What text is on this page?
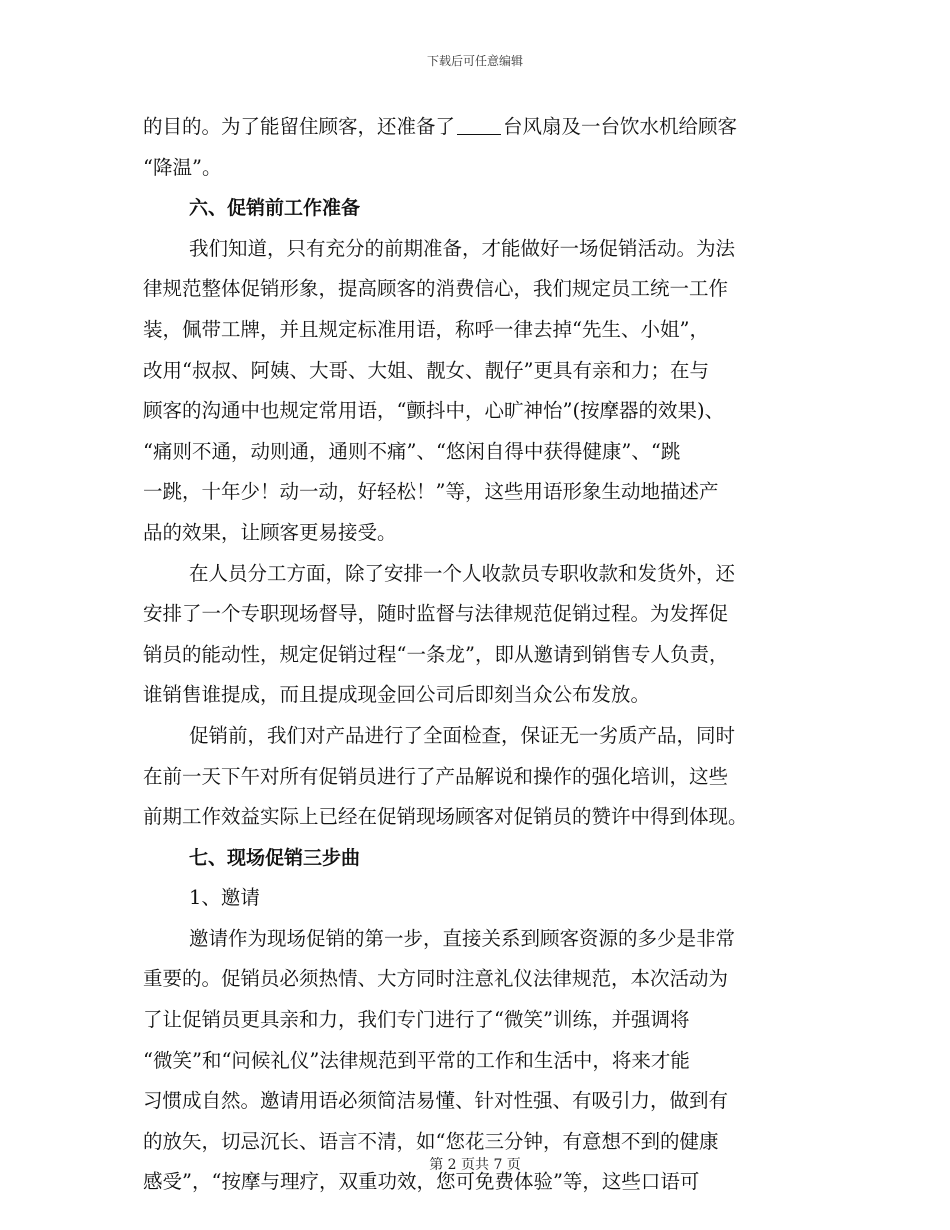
下载后可任意编辑
的目的。为了能留住顾客，还准备了 台风扇及一台饮水机给顾客
“降温”。
六、促销前工作准备
我们知道，只有充分的前期准备，才能做好一场促销活动。为法
律规范整体促销形象，提高顾客的消费信心，我们规定员工统一工作
装，佩带工牌，并且规定标准用语，称呼一律去掉“先生、小姐”，
改用“叔叔、阿姨、大哥、大姐、靓女、靓仔”更具有亲和力；在与
顾客的沟通中也规定常用语，“颤抖中，心旷神怡”(按摩器的效果)、
“痛则不通，动则通，通则不痛”、“悠闲自得中获得健康”、“跳
一跳，十年少！动一动，好轻松！”等，这些用语形象生动地描述产
品的效果，让顾客更易接受。
在人员分工方面，除了安排一个人收款员专职收款和发货外，还
安排了一个专职现场督导，随时监督与法律规范促销过程。为发挥促
销员的能动性，规定促销过程“一条龙”，即从邀请到销售专人负责，
谁销售谁提成，而且提成现金回公司后即刻当众公布发放。
促销前，我们对产品进行了全面检查，保证无一劣质产品，同时
在前一天下午对所有促销员进行了产品解说和操作的强化培训，这些
前期工作效益实际上已经在促销现场顾客对促销员的赞许中得到体现。
七、现场促销三步曲
1、邀请
邀请作为现场促销的第一步，直接关系到顾客资源的多少是非常
重要的。促销员必须热情、大方同时注意礼仪法律规范，本次活动为
了让促销员更具亲和力，我们专门进行了“微笑”训练，并强调将
“微笑”和“问候礼仪”法律规范到平常的工作和生活中，将来才能
习惯成自然。邀请用语必须简洁易懂、针对性强、有吸引力，做到有
的放矢，切忌沉长、语言不清，如“您花三分钟，有意想不到的健康
感受”，“按摩与理疗，双重功效，您可免费体验”等，这些口语可
第 2 页共 7 页
